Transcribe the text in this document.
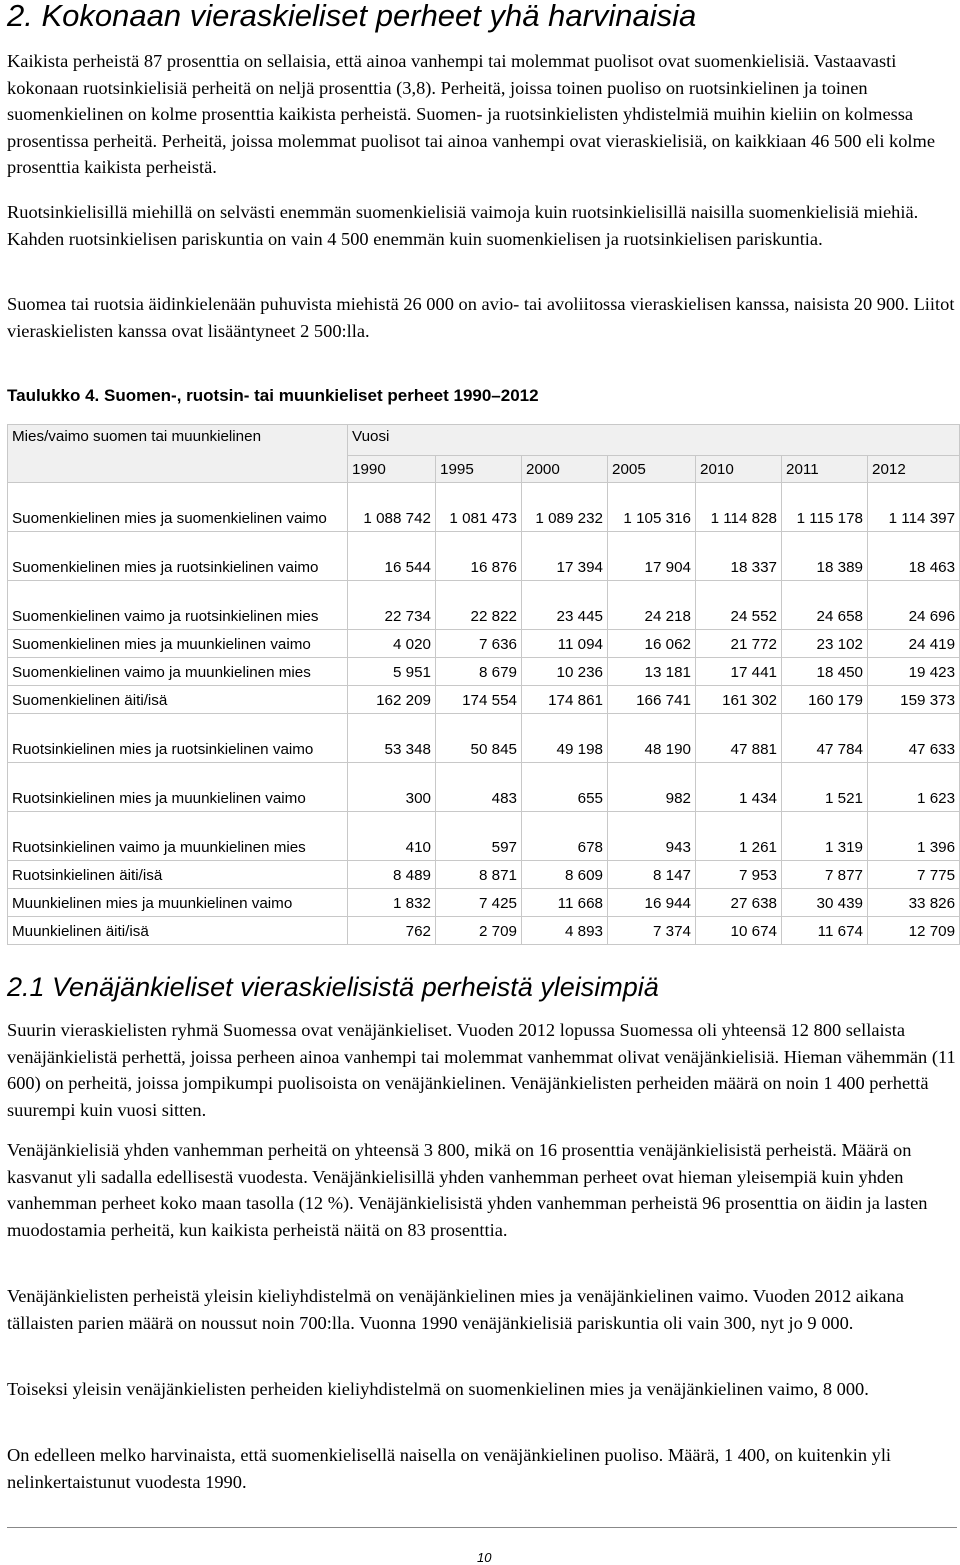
2. Kokonaan vieraskieliset perheet yhä harvinaisia

Kaikista perheistä 87 prosenttia on sellaisia, että ainoa vanhempi tai molemmat puolisot ovat suomenkielisiä. Vastaavasti kokonaan ruotsinkielisiä perheitä on neljä prosenttia (3,8). Perheitä, joissa toinen puoliso on ruotsinkielinen ja toinen suomenkielinen on kolme prosenttia kaikista perheistä. Suomen- ja ruotsinkielisten yhdistelmiä muihin kieliin on kolmessa prosentissa perheitä. Perheitä, joissa molemmat puolisot tai ainoa vanhempi ovat vieraskielisiä, on kaikkiaan 46 500 eli kolme prosenttia kaikista perheistä.

Ruotsinkielisillä miehillä on selvästi enemmän suomenkielisiä vaimoja kuin ruotsinkielisillä naisilla suomenkielisiä miehiä. Kahden ruotsinkielisen pariskuntia on vain 4 500 enemmän kuin suomenkielisen ja ruotsinkielisen pariskuntia.

Suomea tai ruotsia äidinkielenään puhuvista miehistä 26 000 on avio- tai avoliitossa vieraskielisen kanssa, naisista 20 900. Liitot vieraskielisten kanssa ovat lisääntyneet 2 500:lla.

Taulukko 4. Suomen-, ruotsin- tai muunkieliset perheet 1990–2012
Mies/vaimo suomen tai muunkielinen	Vuosi						
	1990	1995	2000	2005	2010	2011	2012
Suomenkielinen mies ja suomenkielinen vaimo	1 088 742	1 081 473	1 089 232	1 105 316	1 114 828	1 115 178	1 114 397
Suomenkielinen mies ja ruotsinkielinen vaimo	16 544	16 876	17 394	17 904	18 337	18 389	18 463
Suomenkielinen vaimo ja ruotsinkielinen mies	22 734	22 822	23 445	24 218	24 552	24 658	24 696
Suomenkielinen mies ja muunkielinen vaimo	4 020	7 636	11 094	16 062	21 772	23 102	24 419
Suomenkielinen vaimo ja muunkielinen mies	5 951	8 679	10 236	13 181	17 441	18 450	19 423
Suomenkielinen äiti/isä	162 209	174 554	174 861	166 741	161 302	160 179	159 373
Ruotsinkielinen mies ja ruotsinkielinen vaimo	53 348	50 845	49 198	48 190	47 881	47 784	47 633
Ruotsinkielinen mies ja muunkielinen vaimo	300	483	655	982	1 434	1 521	1 623
Ruotsinkielinen vaimo ja muunkielinen mies	410	597	678	943	1 261	1 319	1 396
Ruotsinkielinen äiti/isä	8 489	8 871	8 609	8 147	7 953	7 877	7 775
Muunkielinen mies ja muunkielinen vaimo	1 832	7 425	11 668	16 944	27 638	30 439	33 826
Muunkielinen äiti/isä	762	2 709	4 893	7 374	10 674	11 674	12 709
2.1 Venäjänkieliset vieraskielisistä perheistä yleisimpiä

Suurin vieraskielisten ryhmä Suomessa ovat venäjänkieliset. Vuoden 2012 lopussa Suomessa oli yhteensä 12 800 sellaista venäjänkielistä perhettä, joissa perheen ainoa vanhempi tai molemmat vanhemmat olivat venäjänkielisiä. Hieman vähemmän (11 600) on perheitä, joissa jompikumpi puolisoista on venäjänkielinen. Venäjänkielisten perheiden määrä on noin 1 400 perhettä suurempi kuin vuosi sitten.

Venäjänkielisiä yhden vanhemman perheitä on yhteensä 3 800, mikä on 16 prosenttia venäjänkielisistä perheistä. Määrä on kasvanut yli sadalla edellisestä vuodesta. Venäjänkielisillä yhden vanhemman perheet ovat hieman yleisempiä kuin yhden vanhemman perheet koko maan tasolla (12 %). Venäjänkielisistä yhden vanhemman perheistä 96 prosenttia on äidin ja lasten muodostamia perheitä, kun kaikista perheistä näitä on 83 prosenttia.

Venäjänkielisten perheistä yleisin kieliyhdistelmä on venäjänkielinen mies ja venäjänkielinen vaimo. Vuoden 2012 aikana tällaisten parien määrä on noussut noin 700:lla. Vuonna 1990 venäjänkielisiä pariskuntia oli vain 300, nyt jo 9 000.

Toiseksi yleisin venäjänkielisten perheiden kieliyhdistelmä on suomenkielinen mies ja venäjänkielinen vaimo, 8 000.

On edelleen melko harvinaista, että suomenkielisellä naisella on venäjänkielinen puoliso. Määrä, 1 400, on kuitenkin yli nelinkertaistunut vuodesta 1990.

10
